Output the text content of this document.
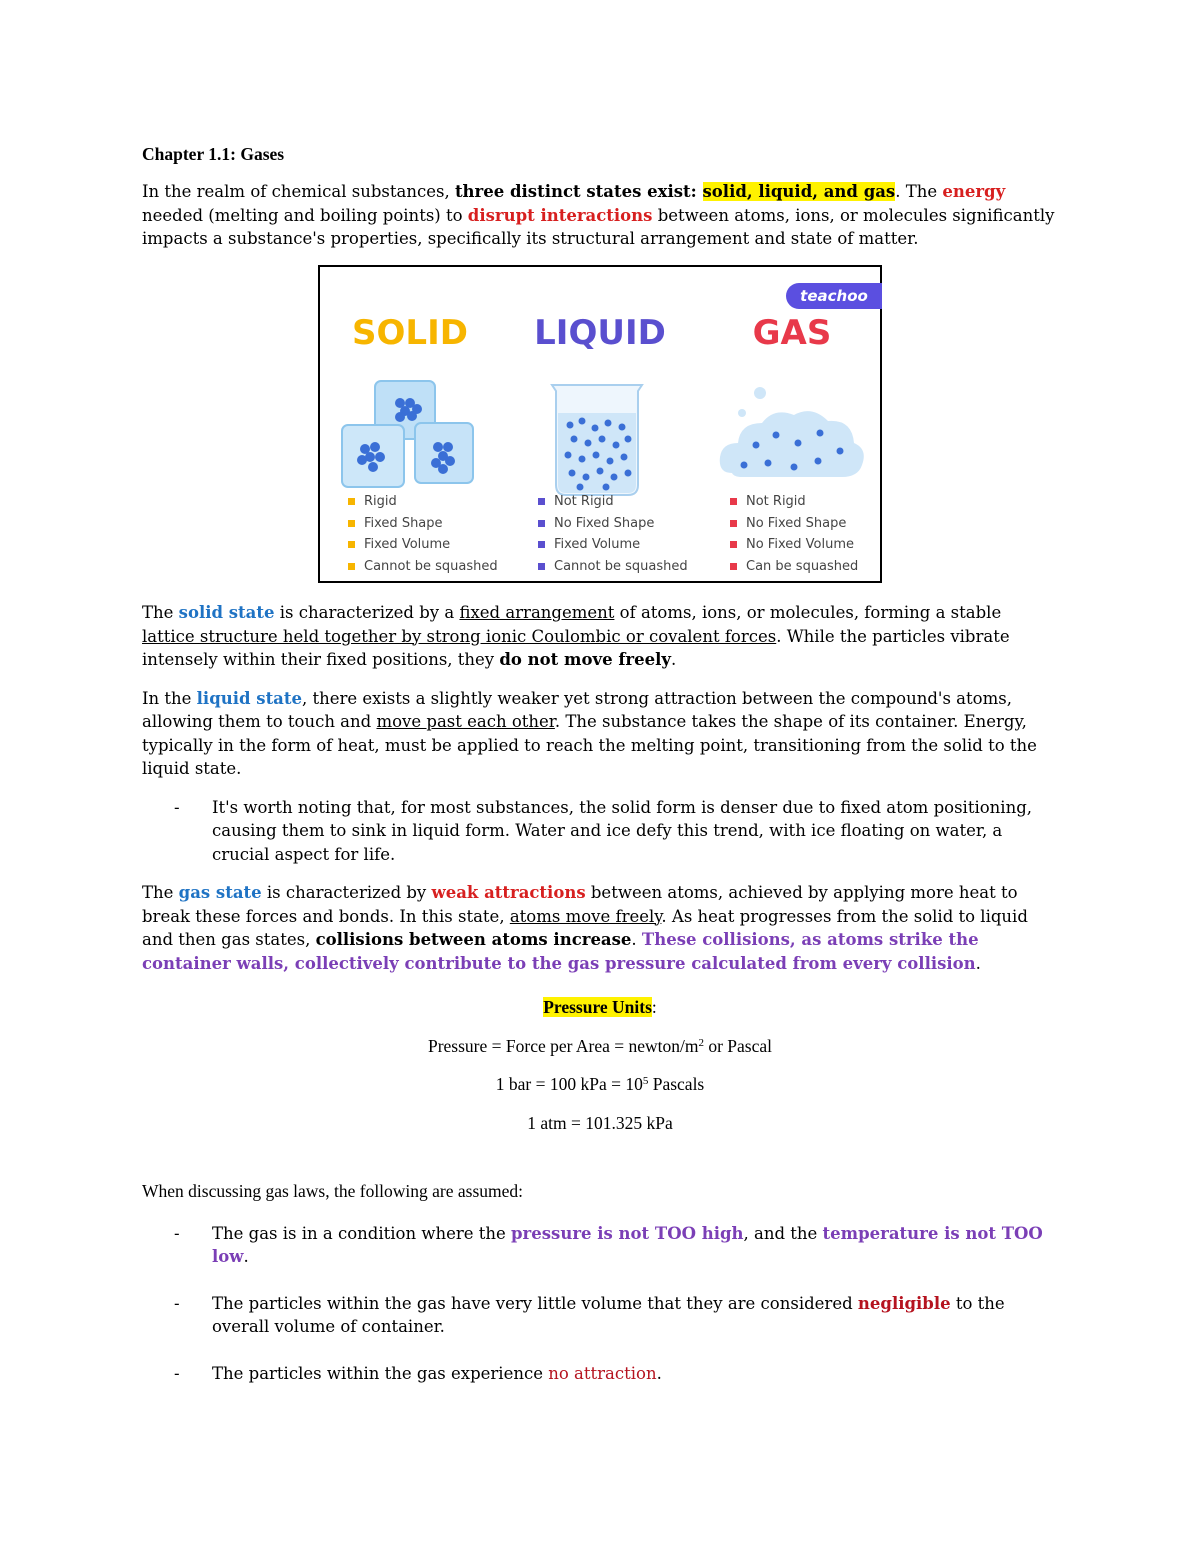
Chapter 1.1: Gases

In the realm of chemical substances, three distinct states exist: solid, liquid, and gas. The energy needed (melting and boiling points) to disrupt interactions between atoms, ions, or molecules significantly impacts a substance's properties, specifically its structural arrangement and state of matter.

teachoo
SOLID
Rigid
Fixed Shape
Fixed Volume
Cannot be squashed
LIQUID
Not Rigid
No Fixed Shape
Fixed Volume
Cannot be squashed
GAS
Not Rigid
No Fixed Shape
No Fixed Volume
Can be squashed

The solid state is characterized by a fixed arrangement of atoms, ions, or molecules, forming a stable lattice structure held together by strong ionic Coulombic or covalent forces. While the particles vibrate intensely within their fixed positions, they do not move freely.

In the liquid state, there exists a slightly weaker yet strong attraction between the compound's atoms, allowing them to touch and move past each other. The substance takes the shape of its container. Energy, typically in the form of heat, must be applied to reach the melting point, transitioning from the solid to the liquid state.

- It's worth noting that, for most substances, the solid form is denser due to fixed atom positioning, causing them to sink in liquid form. Water and ice defy this trend, with ice floating on water, a crucial aspect for life.

The gas state is characterized by weak attractions between atoms, achieved by applying more heat to break these forces and bonds. In this state, atoms move freely. As heat progresses from the solid to liquid and then gas states, collisions between atoms increase. These collisions, as atoms strike the container walls, collectively contribute to the gas pressure calculated from every collision.

Pressure Units:
Pressure = Force per Area = newton/$m^2$ or Pascal
1 bar = 100 kPa = $10^5$ Pascals
1 atm = 101.325 kPa

When discussing gas laws, the following are assumed:

- The gas is in a condition where the pressure is not TOO high, and the temperature is not TOO low.

- The particles within the gas have very little volume that they are considered negligible to the overall volume of container.

- The particles within the gas experience no attraction.
